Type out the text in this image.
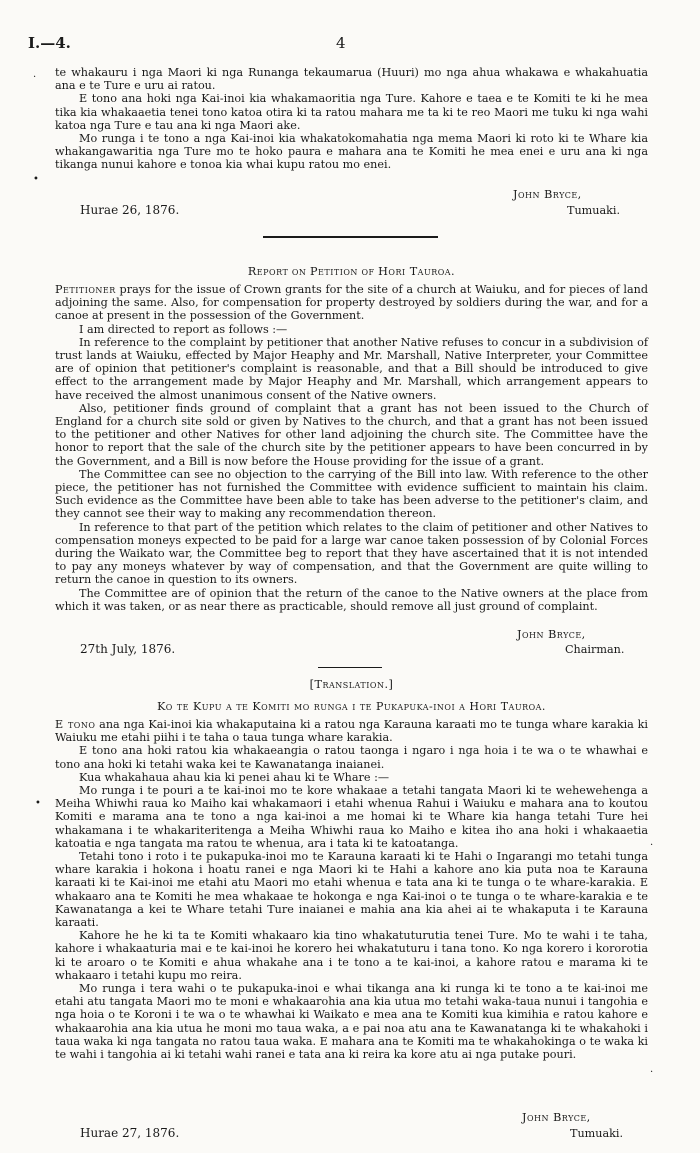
I.—4.	4

te whakauru i nga Maori ki nga Runanga tekaumarua (Huuri) mo nga ahua whakawa e whakahuatia ana e te Ture e uru ai ratou.

E tono ana hoki nga Kai-inoi kia whakamaoritia nga Ture. Kahore e taea e te Komiti te ki he mea tika kia whakaaetia tenei tono katoa otira ki ta ratou mahara me ta ki te reo Maori me tuku ki nga wahi katoa nga Ture e tau ana ki nga Maori ake.

Mo runga i te tono a nga Kai-inoi kia whakatokomahatia nga mema Maori ki roto ki te Whare kia whakangawaritia nga Ture mo te hoko paura e mahara ana te Komiti he mea enei e uru ana ki nga tikanga nunui kahore e tonoa kia whai kupu ratou mo enei.

John Bryce,
Hurae 26, 1876.	Tumuaki.
Report on Petition of Hori Tauroa.

Petitioner prays for the issue of Crown grants for the site of a church at Waiuku, and for pieces of land adjoining the same. Also, for compensation for property destroyed by soldiers during the war, and for a canoe at present in the possession of the Government.

I am directed to report as follows :—

In reference to the complaint by petitioner that another Native refuses to concur in a subdivision of trust lands at Waiuku, effected by Major Heaphy and Mr. Marshall, Native Interpreter, your Committee are of opinion that petitioner's complaint is reasonable, and that a Bill should be introduced to give effect to the arrangement made by Major Heaphy and Mr. Marshall, which arrangement appears to have received the almost unanimous consent of the Native owners.

Also, petitioner finds ground of complaint that a grant has not been issued to the Church of England for a church site sold or given by Natives to the church, and that a grant has not been issued to the petitioner and other Natives for other land adjoining the church site. The Committee have the honor to report that the sale of the church site by the petitioner appears to have been concurred in by the Government, and a Bill is now before the House providing for the issue of a grant.

The Committee can see no objection to the carrying of the Bill into law. With reference to the other piece, the petitioner has not furnished the Committee with evidence sufficient to maintain his claim. Such evidence as the Committee have been able to take has been adverse to the petitioner's claim, and they cannot see their way to making any recommendation thereon.

In reference to that part of the petition which relates to the claim of petitioner and other Natives to compensation moneys expected to be paid for a large war canoe taken possession of by Colonial Forces during the Waikato war, the Committee beg to report that they have ascertained that it is not intended to pay any moneys whatever by way of compensation, and that the Government are quite willing to return the canoe in question to its owners.

The Committee are of opinion that the return of the canoe to the Native owners at the place from which it was taken, or as near there as practicable, should remove all just ground of complaint.

John Bryce,
27th July, 1876.	Chairman.
[Translation.]
Ko te Kupu a te Komiti mo runga i te Pukapuka-inoi a Hori Tauroa.

E tono ana nga Kai-inoi kia whakaputaina ki a ratou nga Karauna karaati mo te tunga whare karakia ki Waiuku me etahi piihi i te taha o taua tunga whare karakia.

E tono ana hoki ratou kia whakaeangia o ratou taonga i ngaro i nga hoia i te wa o te whawhai e tono ana hoki ki tetahi waka kei te Kawanatanga inaianei.

Kua whakahaua ahau kia ki penei ahau ki te Whare :—

Mo runga i te pouri a te kai-inoi mo te kore whakaae a tetahi tangata Maori ki te wehewehenga a Meiha Whiwhi raua ko Maiho kai whakamaori i etahi whenua Rahui i Waiuku e mahara ana to koutou Komiti e marama ana te tono a nga kai-inoi a me homai ki te Whare kia hanga tetahi Ture hei whakamana i te whakariteritenga a Meiha Whiwhi raua ko Maiho e kitea iho ana hoki i whakaaetia katoatia e nga tangata ma ratou te whenua, ara i tata ki te katoatanga.

Tetahi tono i roto i te pukapuka-inoi mo te Karauna karaati ki te Hahi o Ingarangi mo tetahi tunga whare karakia i hokona i hoatu ranei e nga Maori ki te Hahi a kahore ano kia puta noa te Karauna karaati ki te Kai-inoi me etahi atu Maori mo etahi whenua e tata ana ki te tunga o te whare-karakia. E whakaaro ana te Komiti he mea whakaae te hokonga e nga Kai-inoi o te tunga o te whare-karakia e te Kawanatanga a kei te Whare tetahi Ture inaianei e mahia ana kia ahei ai te whakaputa i te Karauna karaati.

Kahore he he ki ta te Komiti whakaaro kia tino whakatuturutia tenei Ture. Mo te wahi i te taha, kahore i whakaaturia mai e te kai-inoi he korero hei whakatuturu i tana tono. Ko nga korero i kororotia ki te aroaro o te Komiti e ahua whakahe ana i te tono a te kai-inoi, a kahore ratou e marama ki te whakaaro i tetahi kupu mo reira.

Mo runga i tera wahi o te pukapuka-inoi e whai tikanga ana ki runga ki te tono a te kai-inoi me etahi atu tangata Maori mo te moni e whakaarohia ana kia utua mo tetahi waka-taua nunui i tangohia e nga hoia o te Koroni i te wa o te whawhai ki Waikato e mea ana te Komiti kua kimihia e ratou kahore e whakaarohia ana kia utua he moni mo taua waka, a e pai noa atu ana te Kawanatanga ki te whakahoki i taua waka ki nga tangata no ratou taua waka. E mahara ana te Komiti ma te whakahokinga o te waka ki te wahi i tangohia ai ki tetahi wahi ranei e tata ana ki reira ka kore atu ai nga putake pouri.

John Bryce,
Hurae 27, 1876.	Tumuaki.
.
•
•
.
.
